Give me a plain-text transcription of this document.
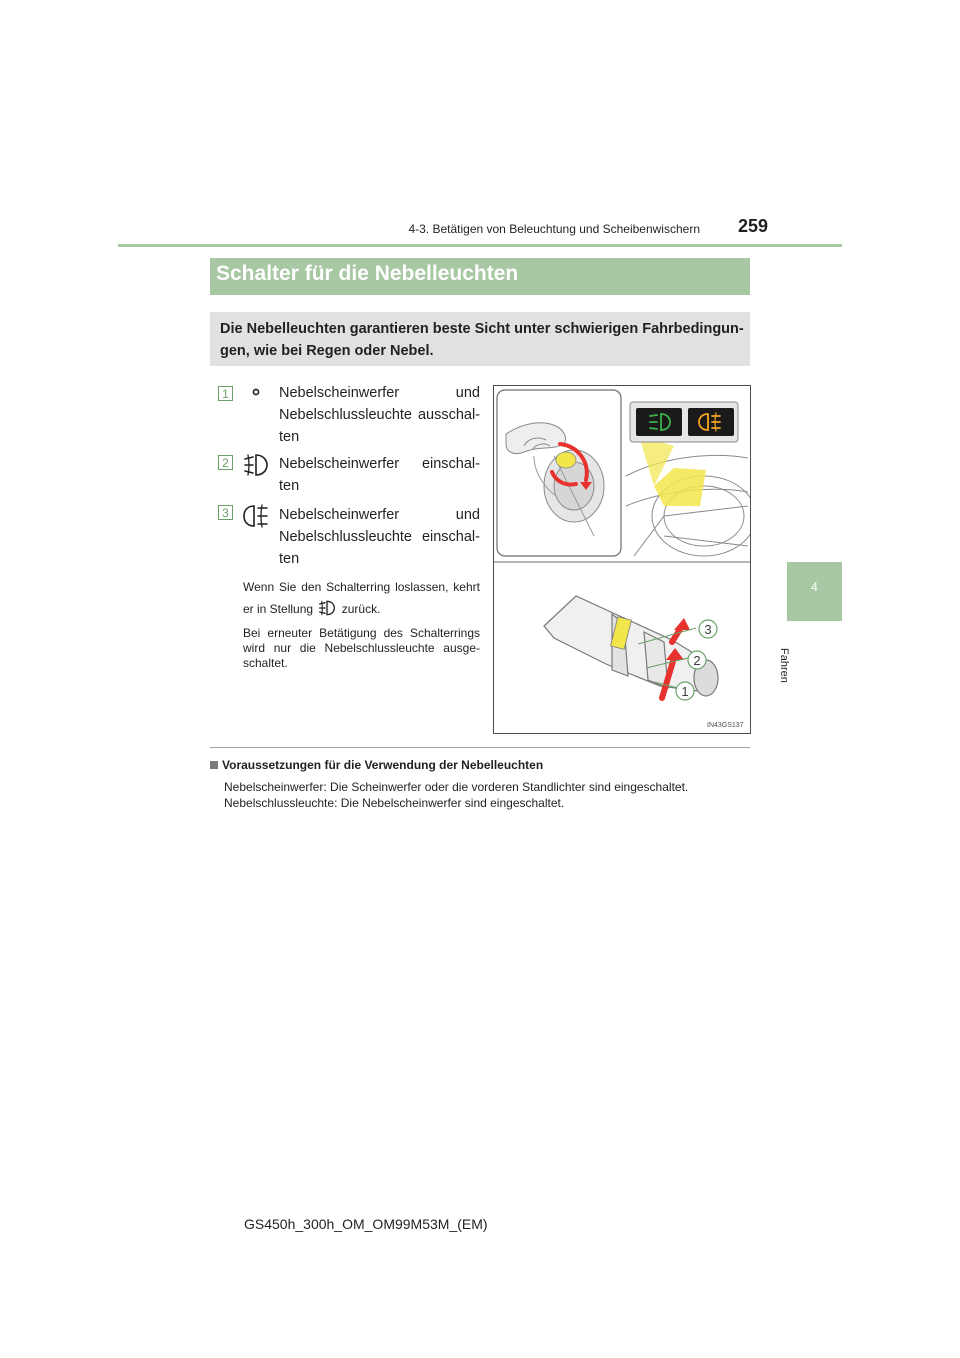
4-3. Betätigen von Beleuchtung und Scheibenwischern 259
4
Fahren
Schalter für die Nebelleuchten
Die Nebelleuchten garantieren beste Sicht unter schwierigen Fahrbedingun-gen, wie bei Regen oder Nebel.
1	Nebelscheinwerfer und Nebelschlussleuchte ausschal-ten
2	Nebelscheinwerfer einschal-ten
3	Nebelscheinwerfer und Nebelschlussleuchte einschal-ten
Wenn Sie den Schalterring loslassen, kehrt er in Stellung zurück.
Bei erneuter Betätigung des Schalterrings wird nur die Nebelschlussleuchte ausge-schaltet.
3
2
1
IN43GS137
Voraussetzungen für die Verwendung der Nebelleuchten
Nebelscheinwerfer: Die Scheinwerfer oder die vorderen Standlichter sind eingeschaltet.
Nebelschlussleuchte: Die Nebelscheinwerfer sind eingeschaltet.
GS450h_300h_OM_OM99M53M_(EM)
